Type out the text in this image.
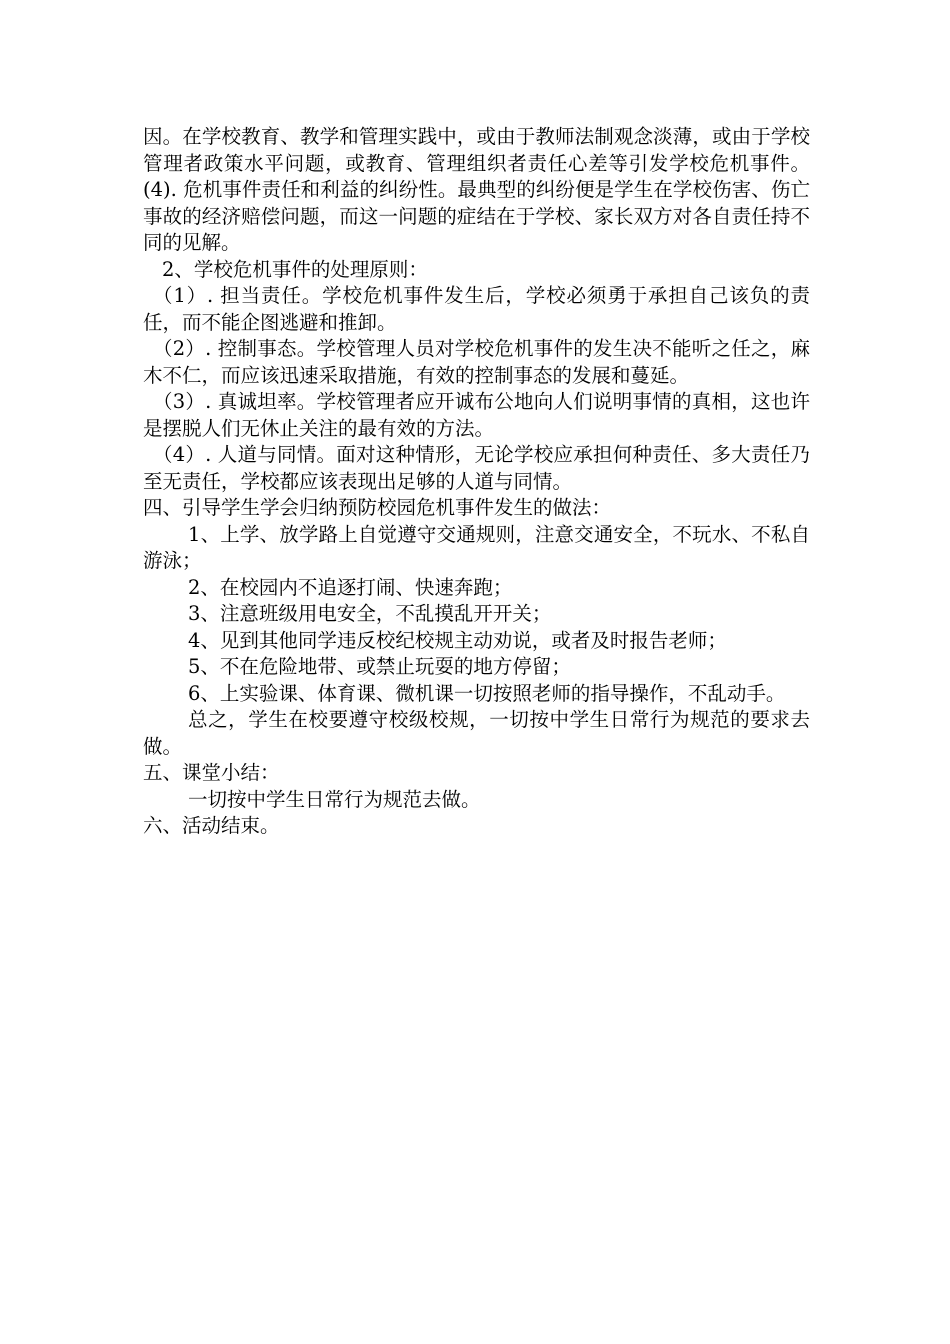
因。在学校教育、教学和管理实践中，或由于教师法制观念淡薄，或由于学校管理者政策水平问题，或教育、管理组织者责任心差等引发学校危机事件。(4). 危机事件责任和利益的纠纷性。最典型的纠纷便是学生在学校伤害、伤亡事故的经济赔偿问题，而这一问题的症结在于学校、家长双方对各自责任持不同的见解。

2、学校危机事件的处理原则：

（1）. 担当责任。学校危机事件发生后，学校必须勇于承担自己该负的责任，而不能企图逃避和推卸。

（2）. 控制事态。学校管理人员对学校危机事件的发生决不能听之任之，麻木不仁，而应该迅速采取措施，有效的控制事态的发展和蔓延。

（3）. 真诚坦率。学校管理者应开诚布公地向人们说明事情的真相，这也许是摆脱人们无休止关注的最有效的方法。

（4）. 人道与同情。面对这种情形，无论学校应承担何种责任、多大责任乃至无责任，学校都应该表现出足够的人道与同情。

四、引导学生学会归纳预防校园危机事件发生的做法：

1、上学、放学路上自觉遵守交通规则，注意交通安全，不玩水、不私自游泳；

2、在校园内不追逐打闹、快速奔跑；

3、注意班级用电安全，不乱摸乱开开关；

4、见到其他同学违反校纪校规主动劝说，或者及时报告老师；

5、不在危险地带、或禁止玩耍的地方停留；

6、上实验课、体育课、微机课一切按照老师的指导操作，不乱动手。

总之，学生在校要遵守校级校规，一切按中学生日常行为规范的要求去做。

五、课堂小结：

一切按中学生日常行为规范去做。

六、活动结束。
